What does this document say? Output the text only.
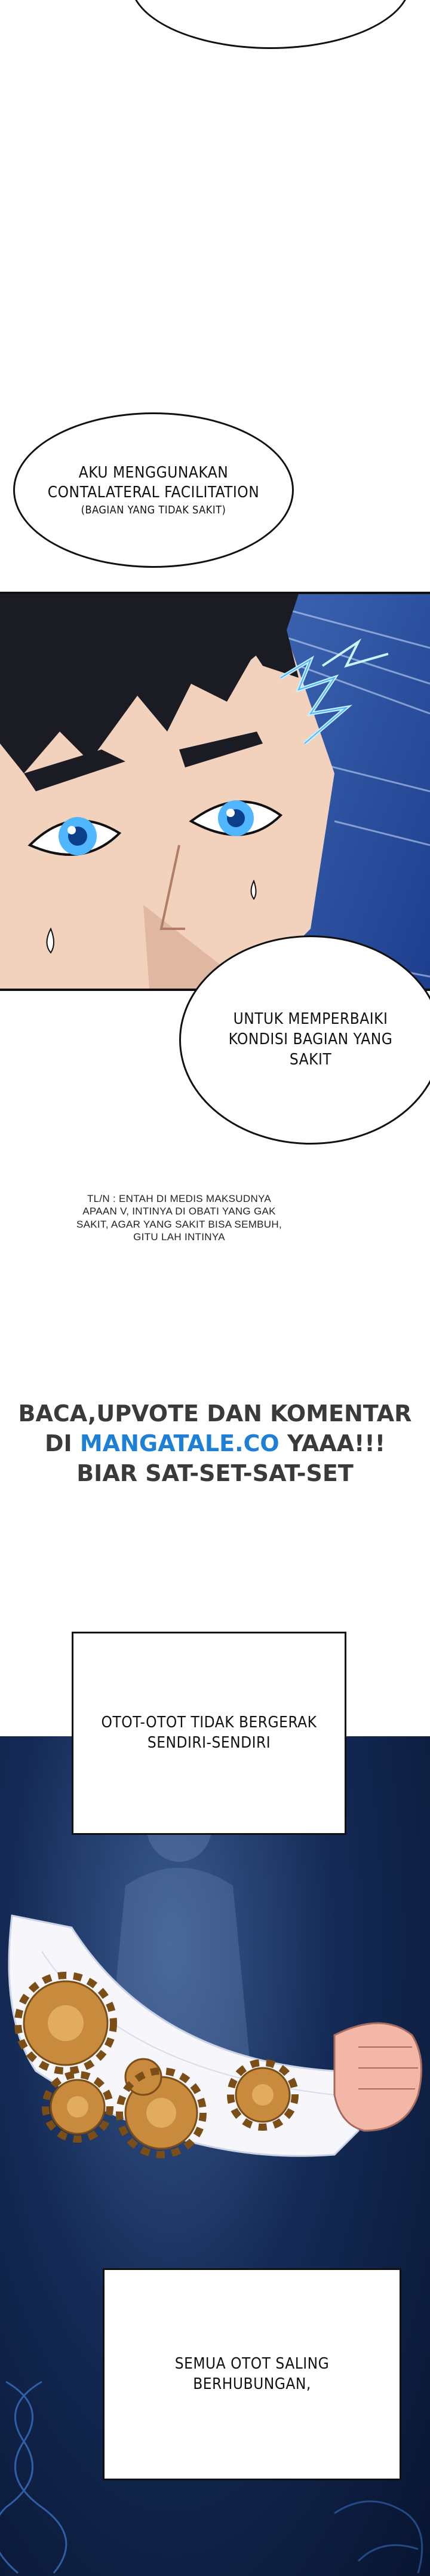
AKU MENGGUNAKAN
CONTALATERAL FACILITATION
(BAGIAN YANG TIDAK SAKIT)
UNTUK MEMPERBAIKI
KONDISI BAGIAN YANG
SAKIT
TL/N : ENTAH DI MEDIS MAKSUDNYA
APAAN V, INTINYA DI OBATI YANG GAK
SAKIT, AGAR YANG SAKIT BISA SEMBUH,
GITU LAH INTINYA
BACA,UPVOTE DAN KOMENTAR
DI MANGATALE.CO YAAA!!!
BIAR SAT-SET-SAT-SET
OTOT-OTOT TIDAK BERGERAK
SENDIRI-SENDIRI
SEMUA OTOT SALING
BERHUBUNGAN,
